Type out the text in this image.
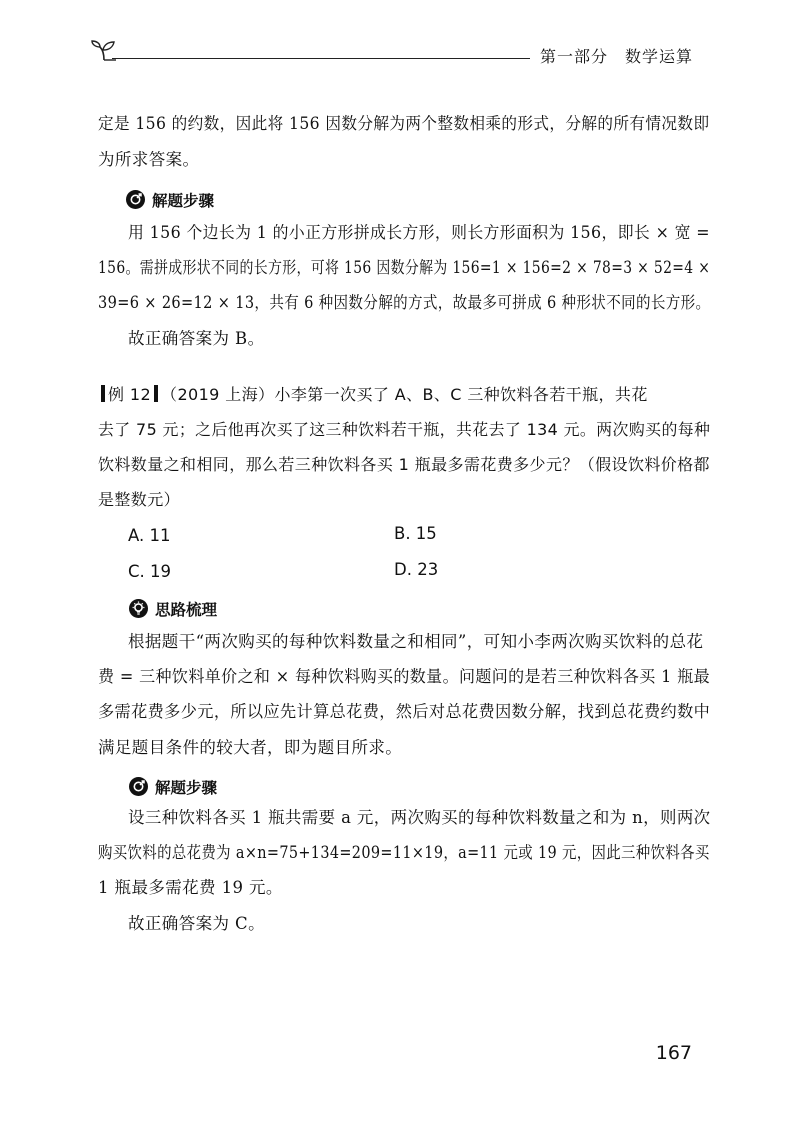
第一部分　数学运算
定是 156 的约数，因此将 156 因数分解为两个整数相乘的形式，分解的所有情况数即
为所求答案。
解题步骤
用 156 个边长为 1 的小正方形拼成长方形，则长方形面积为 156，即长 × 宽 =
156。需拼成形状不同的长方形，可将 156 因数分解为 156=1 × 156=2 × 78=3 × 52=4 ×
39=6 × 26=12 × 13，共有 6 种因数分解的方式，故最多可拼成 6 种形状不同的长方形。
故正确答案为 B。
例 12 （2019 上海）小李第一次买了 A、B、C 三种饮料各若干瓶，共花
去了 75 元；之后他再次买了这三种饮料若干瓶，共花去了 134 元。两次购买的每种
饮料数量之和相同，那么若三种饮料各买 1 瓶最多需花费多少元？（假设饮料价格都
是整数元）
A. 11	B. 15
C. 19	D. 23
思路梳理
根据题干“两次购买的每种饮料数量之和相同”，可知小李两次购买饮料的总花
费 = 三种饮料单价之和 × 每种饮料购买的数量。问题问的是若三种饮料各买 1 瓶最
多需花费多少元，所以应先计算总花费，然后对总花费因数分解，找到总花费约数中
满足题目条件的较大者，即为题目所求。
解题步骤
设三种饮料各买 1 瓶共需要 a 元，两次购买的每种饮料数量之和为 n，则两次
购买饮料的总花费为 a×n=75+134=209=11×19，a=11 元或 19 元，因此三种饮料各买
1 瓶最多需花费 19 元。
故正确答案为 C。
167
